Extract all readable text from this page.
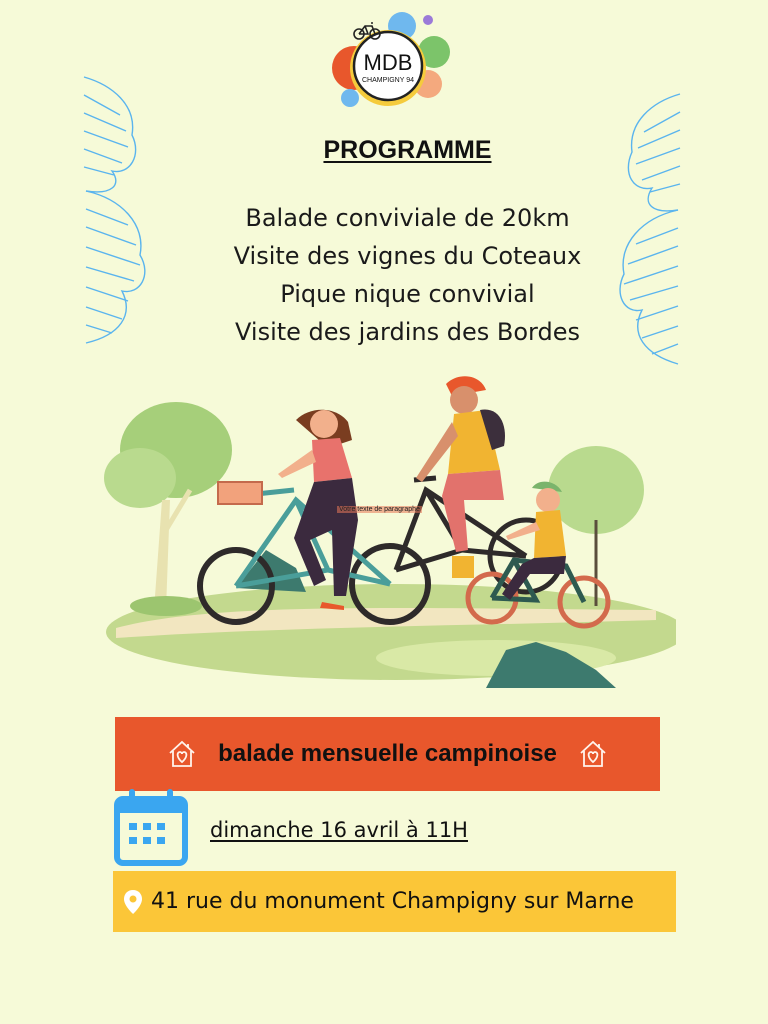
MDB
CHAMPIGNY 94
PROGRAMME
Balade conviviale de 20km
Visite des vignes du Coteaux
Pique nique convivial
Visite des jardins des Bordes
Votre texte de paragraphe
balade mensuelle campinoise
dimanche 16 avril à 11H
41 rue du monument Champigny sur Marne
